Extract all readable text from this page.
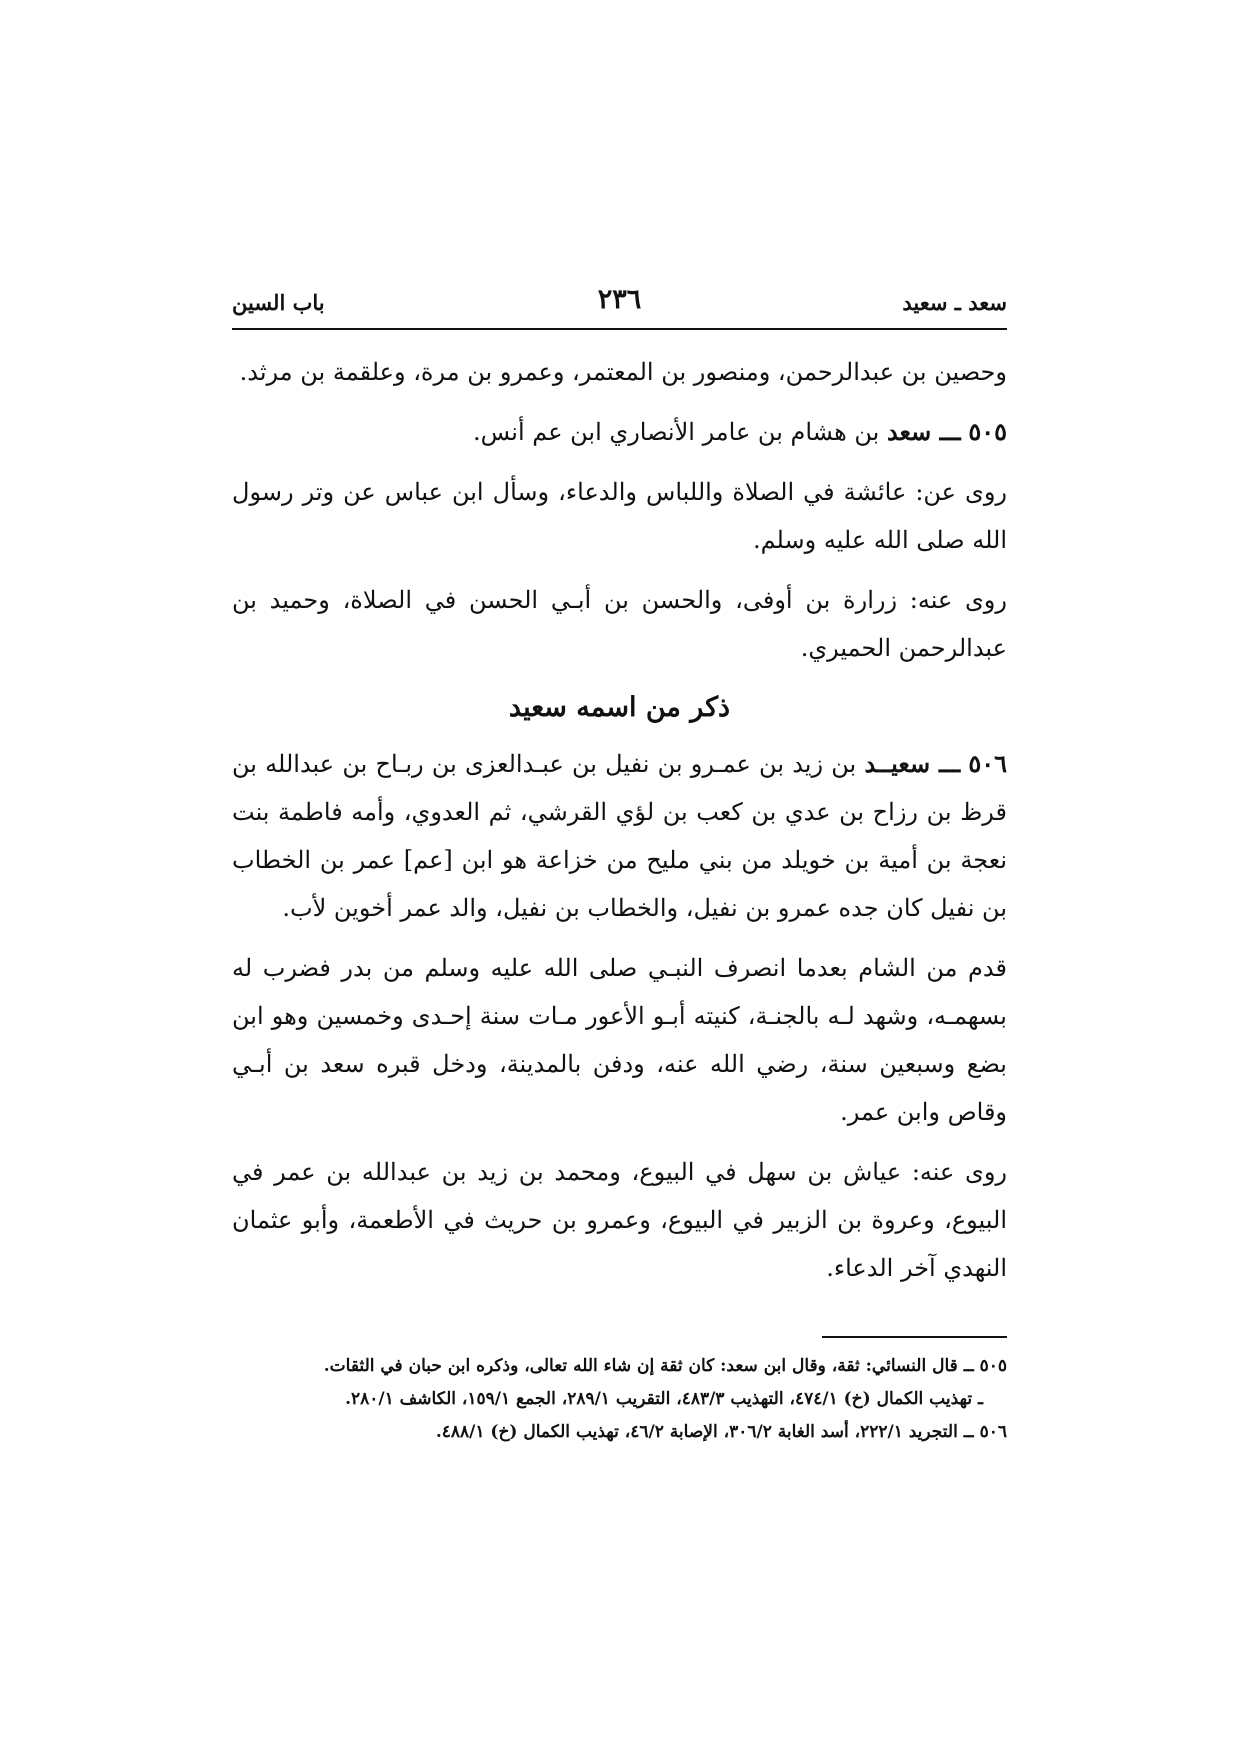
سعد ـ سعيد
٢٣٦
باب السين

وحصين بن عبدالرحمن، ومنصور بن المعتمر، وعمرو بن مرة، وعلقمة بن مرثد.

٥٠٥ ـــ سعد بن هشام بن عامر الأنصاري ابن عم أنس.

روى عن: عائشة في الصلاة واللباس والدعاء، وسأل ابن عباس عن وتر رسول الله صلى الله عليه وسلم.

روى عنه: زرارة بن أوفى، والحسن بن أبـي الحسن في الصلاة، وحميد بن عبدالرحمن الحميري.

ذكر من اسمه سعيد

٥٠٦ ـــ سعيــد بن زيد بن عمـرو بن نفيل بن عبـدالعزى بن ربـاح بن عبدالله بن قرظ بن رزاح بن عدي بن كعب بن لؤي القرشي، ثم العدوي، وأمه فاطمة بنت نعجة بن أمية بن خويلد من بني مليح من خزاعة هو ابن [عم] عمر بن الخطاب بن نفيل كان جده عمرو بن نفيل، والخطاب بن نفيل، والد عمر أخوين لأب.

قدم من الشام بعدما انصرف النبـي صلى الله عليه وسلم من بدر فضرب له بسهمـه، وشهد لـه بالجنـة، كنيته أبـو الأعور مـات سنة إحـدى وخمسين وهو ابن بضع وسبعين سنة، رضي الله عنه، ودفن بالمدينة، ودخل قبره سعد بن أبـي وقاص وابن عمر.

روى عنه: عياش بن سهل في البيوع، ومحمد بن زيد بن عبدالله بن عمر في البيوع، وعروة بن الزبير في البيوع، وعمرو بن حريث في الأطعمة، وأبو عثمان النهدي آخر الدعاء.

٥٠٥ ــ قال النسائي: ثقة، وقال ابن سعد: كان ثقة إن شاء الله تعالى، وذكره ابن حبان في الثقات.

ـ تهذيب الكمال (خ) ٤٧٤/١، التهذيب ٤٨٣/٣، التقريب ٢٨٩/١، الجمع ١٥٩/١، الكاشف ٢٨٠/١.

٥٠٦ ــ التجريد ٢٢٢/١، أسد الغابة ٣٠٦/٢، الإصابة ٤٦/٢، تهذيب الكمال (خ) ٤٨٨/١.
